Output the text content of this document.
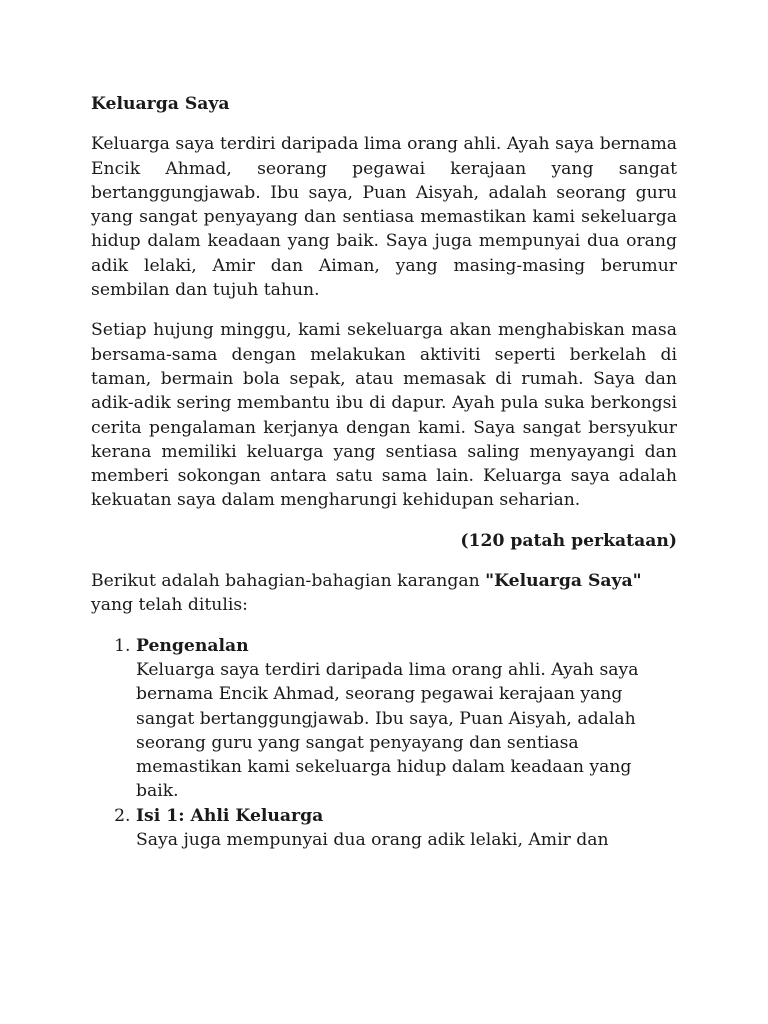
Keluarga Saya

Keluarga saya terdiri daripada lima orang ahli. Ayah saya bernama Encik Ahmad, seorang pegawai kerajaan yang sangat bertanggungjawab. Ibu saya, Puan Aisyah, adalah seorang guru yang sangat penyayang dan sentiasa memastikan kami sekeluarga hidup dalam keadaan yang baik. Saya juga mempunyai dua orang adik lelaki, Amir dan Aiman, yang masing-masing berumur sembilan dan tujuh tahun.

Setiap hujung minggu, kami sekeluarga akan menghabiskan masa bersama-sama dengan melakukan aktiviti seperti berkelah di taman, bermain bola sepak, atau memasak di rumah. Saya dan adik-adik sering membantu ibu di dapur. Ayah pula suka berkongsi cerita pengalaman kerjanya dengan kami. Saya sangat bersyukur kerana memiliki keluarga yang sentiasa saling menyayangi dan memberi sokongan antara satu sama lain. Keluarga saya adalah kekuatan saya dalam mengharungi kehidupan seharian.

(120 patah perkataan)

Berikut adalah bahagian-bahagian karangan "Keluarga Saya" yang telah ditulis:

1. Pengenalan
Keluarga saya terdiri daripada lima orang ahli. Ayah saya bernama Encik Ahmad, seorang pegawai kerajaan yang sangat bertanggungjawab. Ibu saya, Puan Aisyah, adalah seorang guru yang sangat penyayang dan sentiasa memastikan kami sekeluarga hidup dalam keadaan yang baik.
2. Isi 1: Ahli Keluarga
Saya juga mempunyai dua orang adik lelaki, Amir dan
